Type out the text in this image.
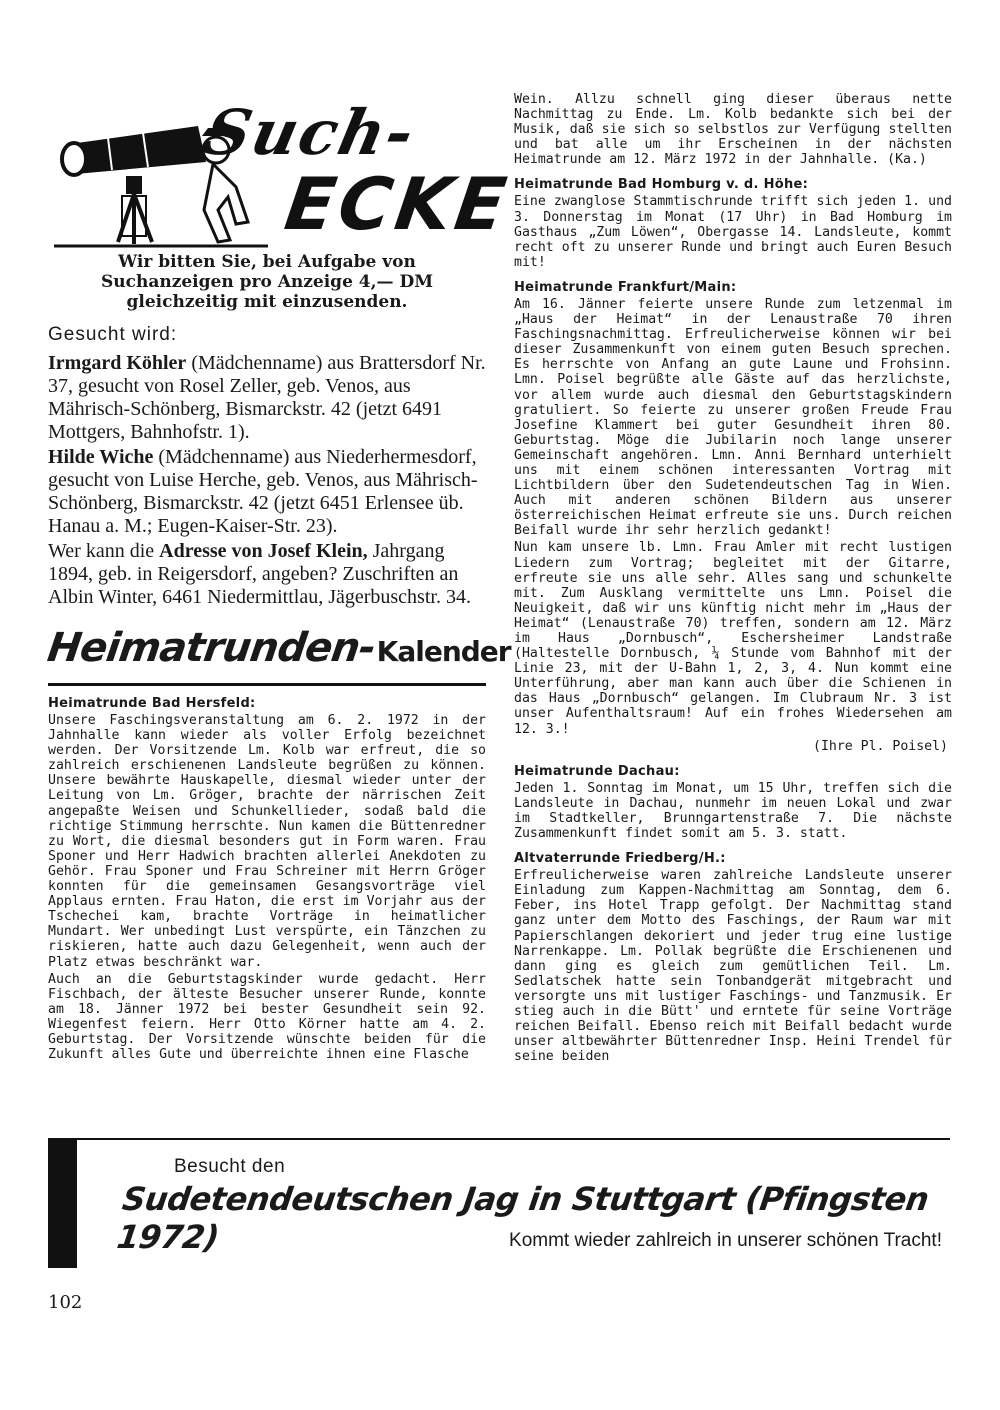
Such-
ECKE
Wir bitten Sie, bei Aufgabe von Suchanzeigen pro Anzeige 4,— DM gleichzeitig mit einzusenden.
Gesucht wird:

Irmgard Köhler (Mädchenname) aus Brattersdorf Nr. 37, gesucht von Rosel Zeller, geb. Venos, aus Mährisch-Schönberg, Bismarckstr. 42 (jetzt 6491 Mottgers, Bahnhofstr. 1).

Hilde Wiche (Mädchenname) aus Niederhermesdorf, gesucht von Luise Herche, geb. Venos, aus Mährisch-Schönberg, Bismarckstr. 42 (jetzt 6451 Erlensee üb. Hanau a. M.; Eugen-Kaiser-Str. 23).

Wer kann die Adresse von Josef Klein, Jahrgang 1894, geb. in Reigersdorf, angeben? Zuschriften an Albin Winter, 6461 Niedermittlau, Jägerbuschstr. 34.

Heimatrunden-
Kalender
Heimatrunde Bad Hersfeld:

Unsere Faschingsveranstaltung am 6. 2. 1972 in der Jahnhalle kann wieder als voller Erfolg bezeichnet werden. Der Vorsitzende Lm. Kolb war erfreut, die so zahlreich erschienenen Landsleute begrüßen zu können. Unsere bewährte Hauskapelle, diesmal wieder unter der Leitung von Lm. Gröger, brachte der närrischen Zeit angepaßte Weisen und Schunkellieder, sodaß bald die richtige Stimmung herrschte. Nun kamen die Büttenredner zu Wort, die diesmal besonders gut in Form waren. Frau Sponer und Herr Hadwich brachten allerlei Anekdoten zu Gehör. Frau Sponer und Frau Schreiner mit Herrn Gröger konnten für die gemeinsamen Gesangsvorträge viel Applaus ernten. Frau Haton, die erst im Vorjahr aus der Tschechei kam, brachte Vorträge in heimatlicher Mundart. Wer unbedingt Lust verspürte, ein Tänzchen zu riskieren, hatte auch dazu Gelegenheit, wenn auch der Platz etwas beschränkt war.

Auch an die Geburtstagskinder wurde gedacht. Herr Fischbach, der älteste Besucher unserer Runde, konnte am 18. Jänner 1972 bei bester Gesundheit sein 92. Wiegenfest feiern. Herr Otto Körner hatte am 4. 2. Geburtstag. Der Vorsitzende wünschte beiden für die Zukunft alles Gute und überreichte ihnen eine Flasche

Wein. Allzu schnell ging dieser überaus nette Nachmittag zu Ende. Lm. Kolb bedankte sich bei der Musik, daß sie sich so selbstlos zur Verfügung stellten und bat alle um ihr Erscheinen in der nächsten Heimatrunde am 12. März 1972 in der Jahnhalle. (Ka.)

Heimatrunde Bad Homburg v. d. Höhe:

Eine zwanglose Stammtischrunde trifft sich jeden 1. und 3. Donnerstag im Monat (17 Uhr) in Bad Homburg im Gasthaus „Zum Löwen“, Obergasse 14. Landsleute, kommt recht oft zu unserer Runde und bringt auch Euren Besuch mit!

Heimatrunde Frankfurt/Main:

Am 16. Jänner feierte unsere Runde zum letzenmal im „Haus der Heimat“ in der Lenaustraße 70 ihren Faschingsnachmittag. Erfreulicherweise können wir bei dieser Zusammenkunft von einem guten Besuch sprechen. Es herrschte von Anfang an gute Laune und Frohsinn. Lmn. Poisel begrüßte alle Gäste auf das herzlichste, vor allem wurde auch diesmal den Geburtstagskindern gratuliert. So feierte zu unserer großen Freude Frau Josefine Klammert bei guter Gesundheit ihren 80. Geburtstag. Möge die Jubilarin noch lange unserer Gemeinschaft angehören. Lmn. Anni Bernhard unterhielt uns mit einem schönen interessanten Vortrag mit Lichtbildern über den Sudetendeutschen Tag in Wien. Auch mit anderen schönen Bildern aus unserer österreichischen Heimat erfreute sie uns. Durch reichen Beifall wurde ihr sehr herzlich gedankt!

Nun kam unsere lb. Lmn. Frau Amler mit recht lustigen Liedern zum Vortrag; begleitet mit der Gitarre, erfreute sie uns alle sehr. Alles sang und schunkelte mit. Zum Ausklang vermittelte uns Lmn. Poisel die Neuigkeit, daß wir uns künftig nicht mehr im „Haus der Heimat“ (Lenaustraße 70) treffen, sondern am 12. März im Haus „Dornbusch“, Eschersheimer Landstraße (Haltestelle Dornbusch, ¼ Stunde vom Bahnhof mit der Linie 23, mit der U-Bahn 1, 2, 3, 4. Nun kommt eine Unterführung, aber man kann auch über die Schienen in das Haus „Dornbusch“ gelangen. Im Clubraum Nr. 3 ist unser Aufenthaltsraum! Auf ein frohes Wiedersehen am 12. 3.!

(Ihre Pl. Poisel)

Heimatrunde Dachau:

Jeden 1. Sonntag im Monat, um 15 Uhr, treffen sich die Landsleute in Dachau, nunmehr im neuen Lokal und zwar im Stadtkeller, Brunngartenstraße 7. Die nächste Zusammenkunft findet somit am 5. 3. statt.

Altvaterrunde Friedberg/H.:

Erfreulicherweise waren zahlreiche Landsleute unserer Einladung zum Kappen-Nachmittag am Sonntag, dem 6. Feber, ins Hotel Trapp gefolgt. Der Nachmittag stand ganz unter dem Motto des Faschings, der Raum war mit Papierschlangen dekoriert und jeder trug eine lustige Narrenkappe. Lm. Pollak begrüßte die Erschienenen und dann ging es gleich zum gemütlichen Teil. Lm. Sedlatschek hatte sein Tonbandgerät mitgebracht und versorgte uns mit lustiger Faschings- und Tanzmusik. Er stieg auch in die Bütt' und erntete für seine Vorträge reichen Beifall. Ebenso reich mit Beifall bedacht wurde unser altbewährter Büttenredner Insp. Heini Trendel für seine beiden

Besucht den
Sudetendeutschen Jag in Stuttgart (Pfingsten 1972)	Kommt wieder zahlreich in unserer schönen Tracht!
102
